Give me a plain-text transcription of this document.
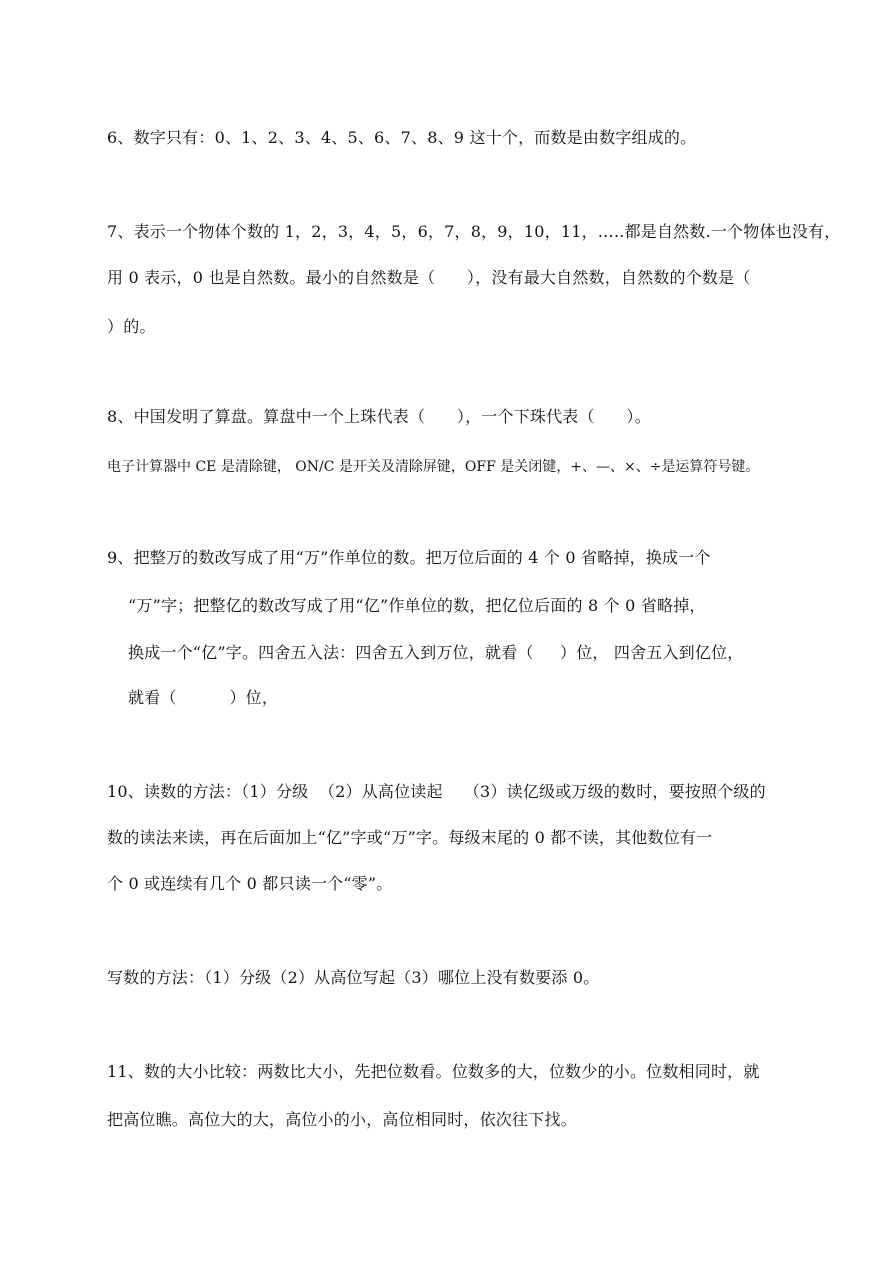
6、数字只有：0、1、2、3、4、5、6、7、8、9 这十个，而数是由数字组成的。
7、表示一个物体个数的 1，2，3，4，5，6，7，8，9，10，11，…..都是自然数.一个物体也没有，
用 0 表示，0 也是自然数。最小的自然数是（      ），没有最大自然数，自然数的个数是（
）的。
8、中国发明了算盘。算盘中一个上珠代表（      ），一个下珠代表（      ）。
电子计算器中 CE 是清除键， ON/C 是开关及清除屏键，OFF 是关闭键，+、—、×、÷是运算符号键。
9、把整万的数改写成了用“万”作单位的数。把万位后面的 4 个 0 省略掉，换成一个
“万”字；把整亿的数改写成了用“亿”作单位的数，把亿位后面的 8 个 0 省略掉，
换成一个“亿”字。四舍五入法：四舍五入到万位，就看（     ）位， 四舍五入到亿位，
就看（          ）位，
10、读数的方法：（1）分级  （2）从高位读起    （3）读亿级或万级的数时，要按照个级的
数的读法来读，再在后面加上“亿”字或“万”字。每级末尾的 0 都不读，其他数位有一
个 0 或连续有几个 0 都只读一个“零”。
写数的方法：（1）分级（2）从高位写起（3）哪位上没有数要添 0。
11、数的大小比较：两数比大小，先把位数看。位数多的大，位数少的小。位数相同时，就
把高位瞧。高位大的大，高位小的小，高位相同时，依次往下找。
